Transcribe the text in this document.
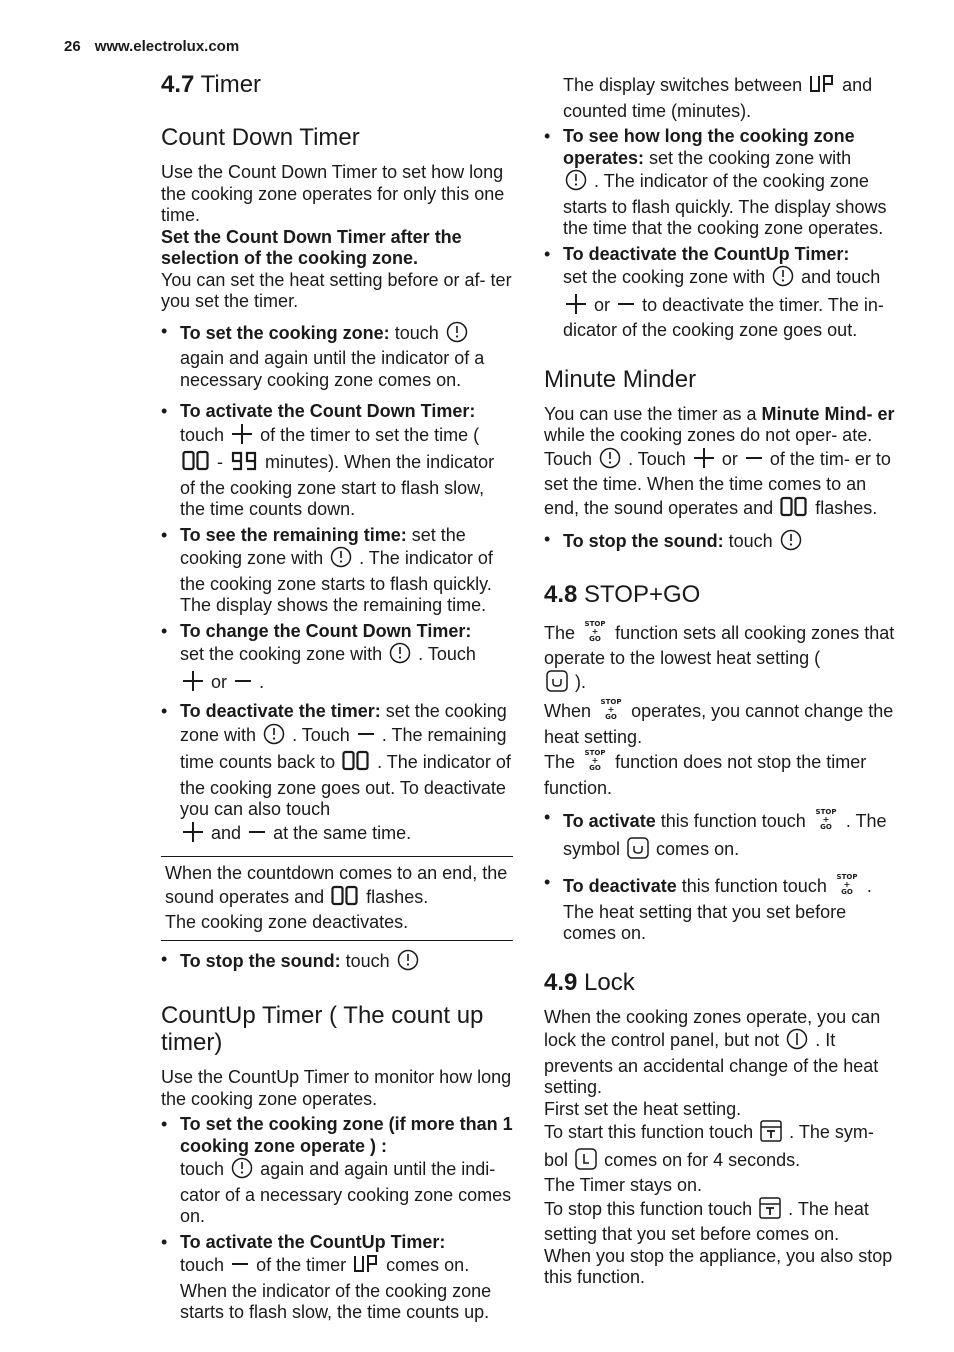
26 www.electrolux.com
4.7 Timer
Count Down Timer

Use the Count Down Timer to set how long the cooking zone operates for only this one time.

Set the Count Down Timer after the selection of the cooking zone.

You can set the heat setting before or af- ter you set the timer.

• To set the cooking zone: touch  again and again until the indicator of a necessary cooking zone comes on.
• To activate the Count Down Timer:
touch of the timer to set the time (
- minutes). When the indicator of the cooking zone start to flash slow, the time counts down.
• To see the remaining time: set the cooking zone with . The indicator of the cooking zone starts to flash quickly. The display shows the remaining time.
• To change the Count Down Timer:
set the cooking zone with . Touch
or .
• To deactivate the timer: set the cooking zone with . Touch . The remaining time counts back to . The indicator of the cooking zone goes out. To deactivate you can also touch
and at the same time.

When the countdown comes to an end, the sound operates and flashes.

The cooking zone deactivates.

• To stop the sound: touch
CountUp Timer ( The count up timer)

Use the CountUp Timer to monitor how long the cooking zone operates.

• To set the cooking zone (if more than 1 cooking zone operate ) :
touch again and again until the indi- cator of a necessary cooking zone comes on.
• To activate the CountUp Timer:
touch of the timer comes on. When the indicator of the cooking zone starts to flash slow, the time counts up.

The display switches between and counted time (minutes).

• To see how long the cooking zone operates: set the cooking zone with
. The indicator of the cooking zone starts to flash quickly. The display shows the time that the cooking zone operates.
• To deactivate the CountUp Timer:
set the cooking zone with and touch
or to deactivate the timer. The in- dicator of the cooking zone goes out.
Minute Minder

You can use the timer as a Minute Mind- er while the cooking zones do not oper- ate. Touch . Touch or of the tim- er to set the time. When the time comes to an end, the sound operates and flashes.

• To stop the sound: touch
4.8 STOP+GO

The STOP
+
GO function sets all cooking zones that operate to the lowest heat setting (
).

When STOP
+
GO operates, you cannot change the heat setting.

The STOP
+
GO function does not stop the timer function.

• To activate this function touch STOP
+
GO . The symbol comes on.
• To deactivate this function touch STOP
+
GO . The heat setting that you set before comes on.
4.9 Lock

When the cooking zones operate, you can lock the control panel, but not . It prevents an accidental change of the heat setting.

First set the heat setting.

To start this function touch . The sym- bol comes on for 4 seconds.

The Timer stays on.

To stop this function touch . The heat setting that you set before comes on.

When you stop the appliance, you also stop this function.
